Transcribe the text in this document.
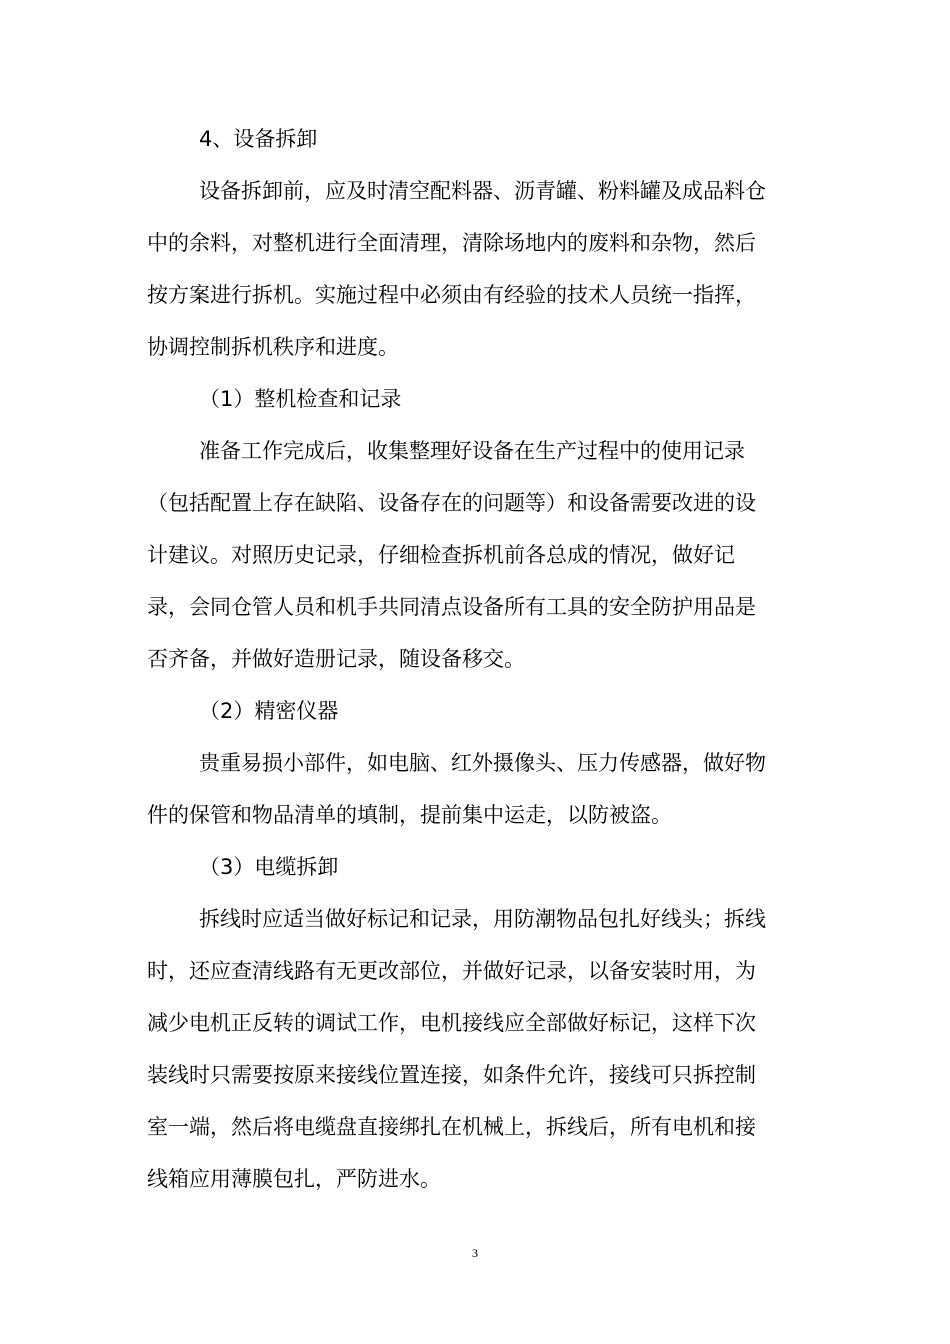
4、设备拆卸
设备拆卸前，应及时清空配料器、沥青罐、粉料罐及成品料仓
中的余料，对整机进行全面清理，清除场地内的废料和杂物，然后
按方案进行拆机。实施过程中必须由有经验的技术人员统一指挥，
协调控制拆机秩序和进度。
（1）整机检查和记录
准备工作完成后，收集整理好设备在生产过程中的使用记录
（包括配置上存在缺陷、设备存在的问题等）和设备需要改进的设
计建议。对照历史记录，仔细检查拆机前各总成的情况，做好记
录，会同仓管人员和机手共同清点设备所有工具的安全防护用品是
否齐备，并做好造册记录，随设备移交。
（2）精密仪器
贵重易损小部件，如电脑、红外摄像头、压力传感器，做好物
件的保管和物品清单的填制，提前集中运走，以防被盗。
（3）电缆拆卸
拆线时应适当做好标记和记录，用防潮物品包扎好线头；拆线
时，还应查清线路有无更改部位，并做好记录，以备安装时用，为
减少电机正反转的调试工作，电机接线应全部做好标记，这样下次
装线时只需要按原来接线位置连接，如条件允许，接线可只拆控制
室一端，然后将电缆盘直接绑扎在机械上，拆线后，所有电机和接
线箱应用薄膜包扎，严防进水。
3
